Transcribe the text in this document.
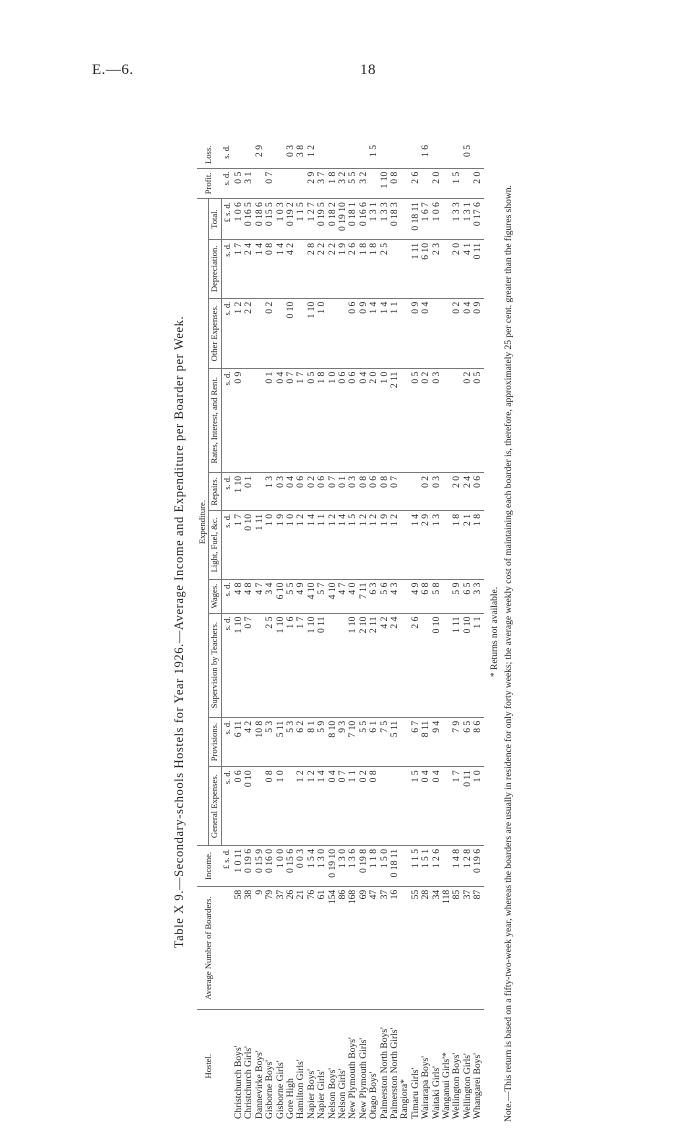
E.—6.	18
Table X 9.—Secondary-schools Hostels for Year 1926.—Average Income and Expenditure per Boarder per Week.
Hostel.	Average Number of Boarders.	Income.	Expenditure.										Profit.	Loss.
			General Expenses.	Provisions.	Supervision by Teachers.	Wages.	Light, Fuel, &c.	Repairs.	Rates, Interest, and Rent.	Other Expenses.	Depreciation.	Total.		
		£ s. d.	s. d.	s. d.	s. d.	s. d.	s. d.	s. d.	s. d.	s. d.	s. d.	£ s. d.	s. d.	s. d.
Christchurch Boys'	58	1 0 11	0 6	6 11	1 10	4 8	1 7	1 10	0 9	1 2	1 7	1 0 6	0 5	
Christchurch Girls'	38	0 19 6	0 10	4 2	0 7	4 8	0 10	0 1		2 2	2 4	0 16 5	3 1	
Dannevirke Boys'	9	0 15 9		10 8		4 7	1 11				1 4	0 18 6		2 9
Gisborne Boys'	79	0 16 0	0 8	5 3	2 5	3 4	1 0	1 3	0 1	0 2	0 8	0 15 5	0 7	
Gisborne Girls'	37	1 0 0	1 0	5 11	1 10	6 10	1 9	0 3	0 4		1 4	1 0 3		
Gore High	26	0 15 6		5 3	1 6	5 5	1 0	0 4	0 7	0 10	4 2	0 19 2		0 3
Hamilton Girls'	21	0 0 3	1 2	6 2	1 7	4 9	1 2	0 6	1 7			1 1 5		3 8
Napier Boys'	76	1 5 4	1 2	8 1	1 10	4 10	1 4	0 2	0 5	1 10	2 8	1 2 7	2 9	1 2
Napier Girls'	61	1 3 0	1 4	5 9	0 11	5 7	1 1	0 6	1 8	1 0	2 2	0 19 5	3 7	
Nelson Boys'	154	0 19 10	0 4	8 10		4 10	1 2	0 7	1 0		2 2	0 18 2	1 8	
Nelson Girls'	86	1 3 0	0 7	9 3		4 7	1 4	0 1	0 6		1 9	0 19 10	3 2	
New Plymouth Boys'	168	1 3 6	1 1	7 10	1 10	4 0	1 5	0 3	0 6	0 6	2 6	0 18 1	5 5	
New Plymouth Girls'	69	0 19 8	0 2	5 5	2 10	7 11	1 2	0 8	0 4	0 9	1 8	0 16 6	3 2	
Otago Boys'	47	1 1 8	0 8	6 1	2 11	6 3	1 2	0 6	2 0	1 4	1 8	1 3 1		1 5
Palmerston North Boys'	37	1 5 0		7 5	4 2	5 6	1 9	0 8	1 0	1 4	2 5	1 3 3	1 10	
Palmerston North Girls'	16	0 18 11		5 11	2 4	4 3	1 2	0 7	2 11	1 1		0 18 3	0 8	
Rangiora*														
Timaru Girls'	55	1 1 5	1 5	6 7	2 6	4 9	1 4		0 5	0 9	1 11	0 18 11	2 6	
Wairarapa Boys'	28	1 5 1	0 4	8 11		6 8	2 9	0 2	0 2	0 4	6 10	1 6 7		1 6
Waitaki Girls'	34	1 2 6	0 4	9 4	0 10	5 8	1 3	0 3	0 3		2 3	1 0 6	2 0	
Wanganui Girls'*	118													
Wellington Boys'	85	1 4 8	1 7	7 9	1 11	5 9	1 8	2 0		0 2	2 0	1 3 3	1 5	
Wellington Girls'	37	1 2 8	0 11	6 5	0 10	6 5	2 1	2 4	0 2	0 4	4 1	1 3 1		0 5
Whangarei Boys'	87	0 19 6	1 0	8 6	1 1	3 3	1 8	0 6	0 5	0 9	0 11	0 17 6	2 0	

* Returns not available. Note.—This return is based on a fifty-two-week year, whereas the boarders are usually in residence for only forty weeks; the average weekly cost of maintaining each boarder is, therefore, approximately 25 per cent. greater than the figures shown.
